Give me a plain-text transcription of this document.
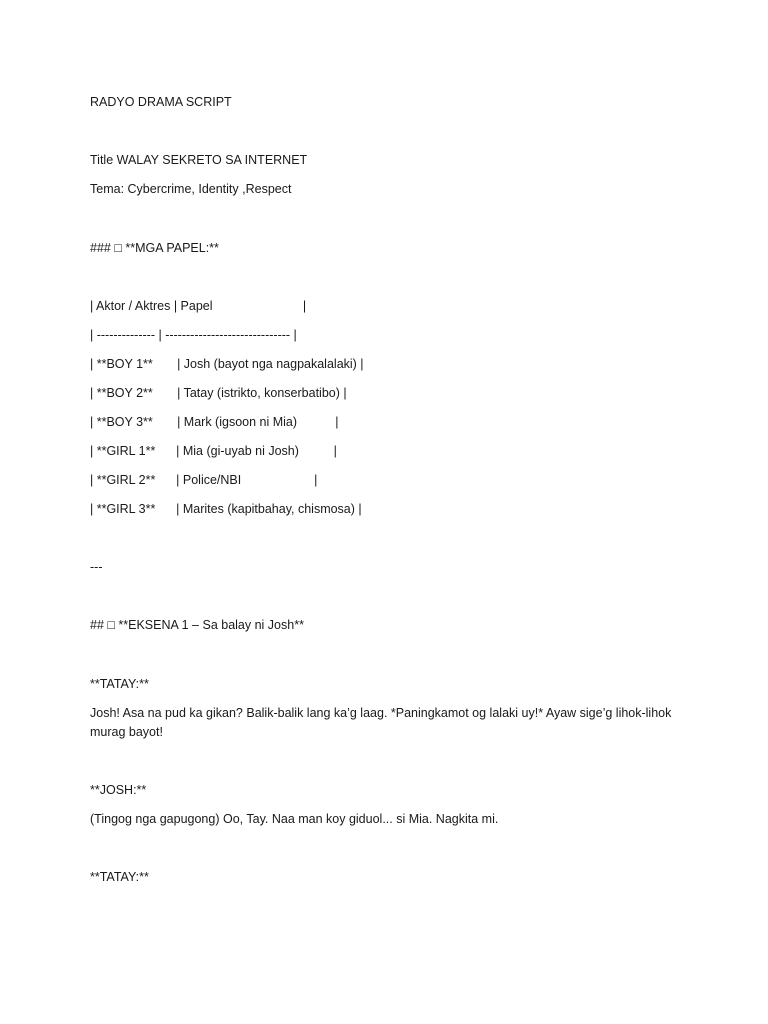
RADYO DRAMA SCRIPT
Title WALAY SEKRETO SA INTERNET
Tema: Cybercrime, Identity ,Respect
### □ **MGA PAPEL:**
| Aktor / Aktres | Papel                          |
| -------------- | ------------------------------ |
| **BOY 1**       | Josh (bayot nga nagpakalalaki) |
| **BOY 2**       | Tatay (istrikto, konserbatibo) |
| **BOY 3**       | Mark (igsoon ni Mia)           |
| **GIRL 1**      | Mia (gi-uyab ni Josh)          |
| **GIRL 2**      | Police/NBI                     |
| **GIRL 3**      | Marites (kapitbahay, chismosa) |
---
## □ **EKSENA 1 – Sa balay ni Josh**
**TATAY:**
Josh! Asa na pud ka gikan? Balik-balik lang ka’g laag. *Paningkamot og lalaki uy!* Ayaw sige’g lihok-lihok murag bayot!
**JOSH:**
(Tingog nga gapugong) Oo, Tay. Naa man koy giduol... si Mia. Nagkita mi.
**TATAY:**
